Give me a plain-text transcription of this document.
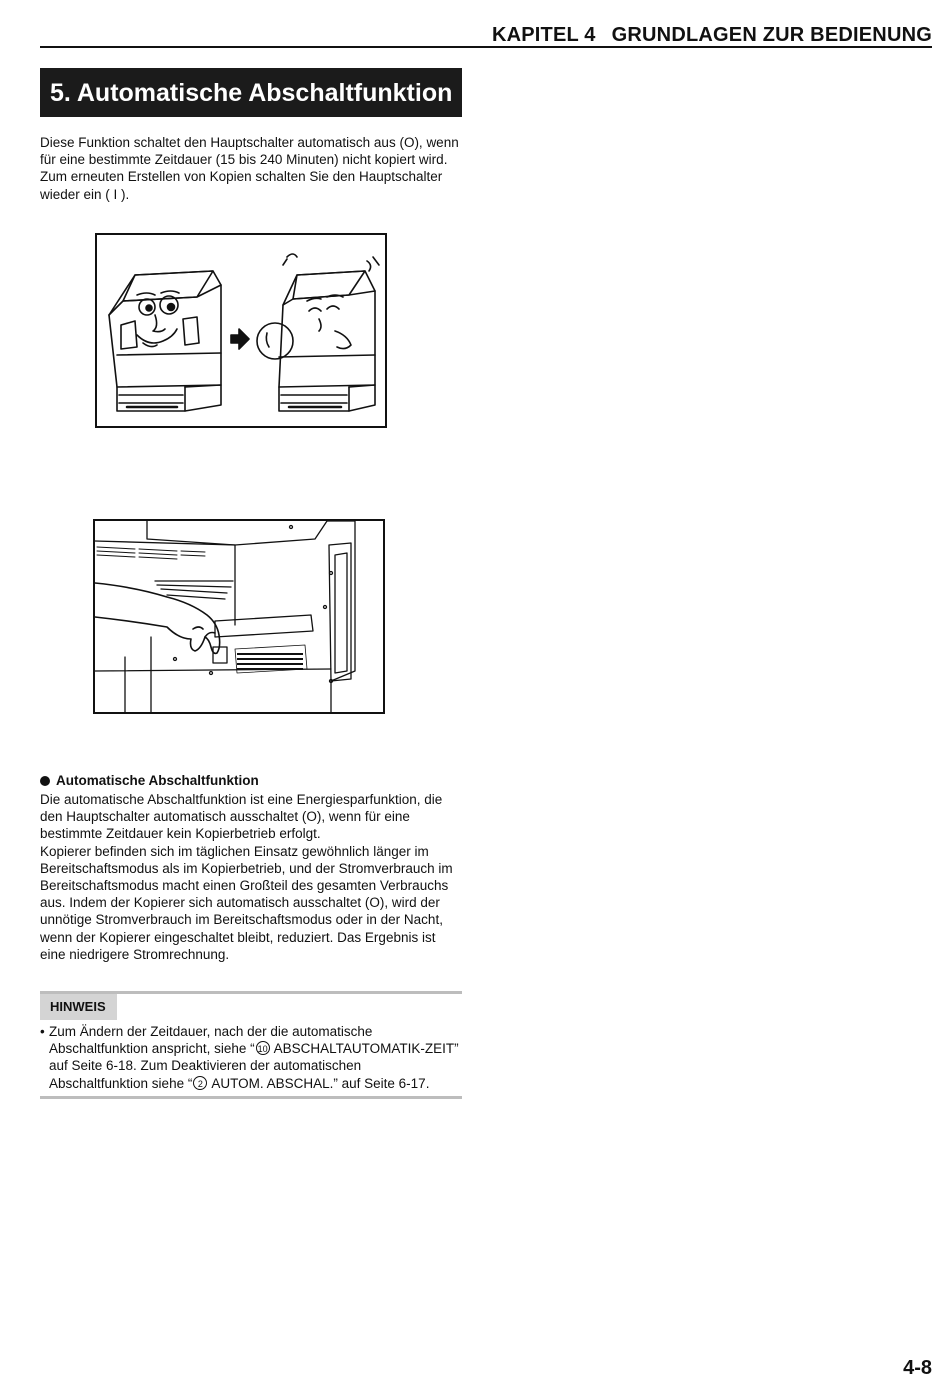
KAPITEL 4 GRUNDLAGEN ZUR BEDIENUNG
5. Automatische Abschaltfunktion
Diese Funktion schaltet den Hauptschalter automatisch aus (O), wenn
für eine bestimmte Zeitdauer (15 bis 240 Minuten) nicht kopiert wird.
Zum erneuten Erstellen von Kopien schalten Sie den Hauptschalter
wieder ein ( I ).
Automatische Abschaltfunktion
Die automatische Abschaltfunktion ist eine Energiesparfunktion, die
den Hauptschalter automatisch ausschaltet (O), wenn für eine
bestimmte Zeitdauer kein Kopierbetrieb erfolgt.
Kopierer befinden sich im täglichen Einsatz gewöhnlich länger im
Bereitschaftsmodus als im Kopierbetrieb, und der Stromverbrauch im
Bereitschaftsmodus macht einen Großteil des gesamten Verbrauchs
aus. Indem der Kopierer sich automatisch ausschaltet (O), wird der
unnötige Stromverbrauch im Bereitschaftsmodus oder in der Nacht,
wenn der Kopierer eingeschaltet bleibt, reduziert. Das Ergebnis ist
eine niedrigere Stromrechnung.
HINWEIS
• Zum Ändern der Zeitdauer, nach der die automatische
Abschaltfunktion anspricht, siehe “ 10 ABSCHALTAUTOMATIK-ZEIT”
auf Seite 6-18. Zum Deaktivieren der automatischen
Abschaltfunktion siehe “ 2 AUTOM. ABSCHAL.” auf Seite 6-17.
4-8
